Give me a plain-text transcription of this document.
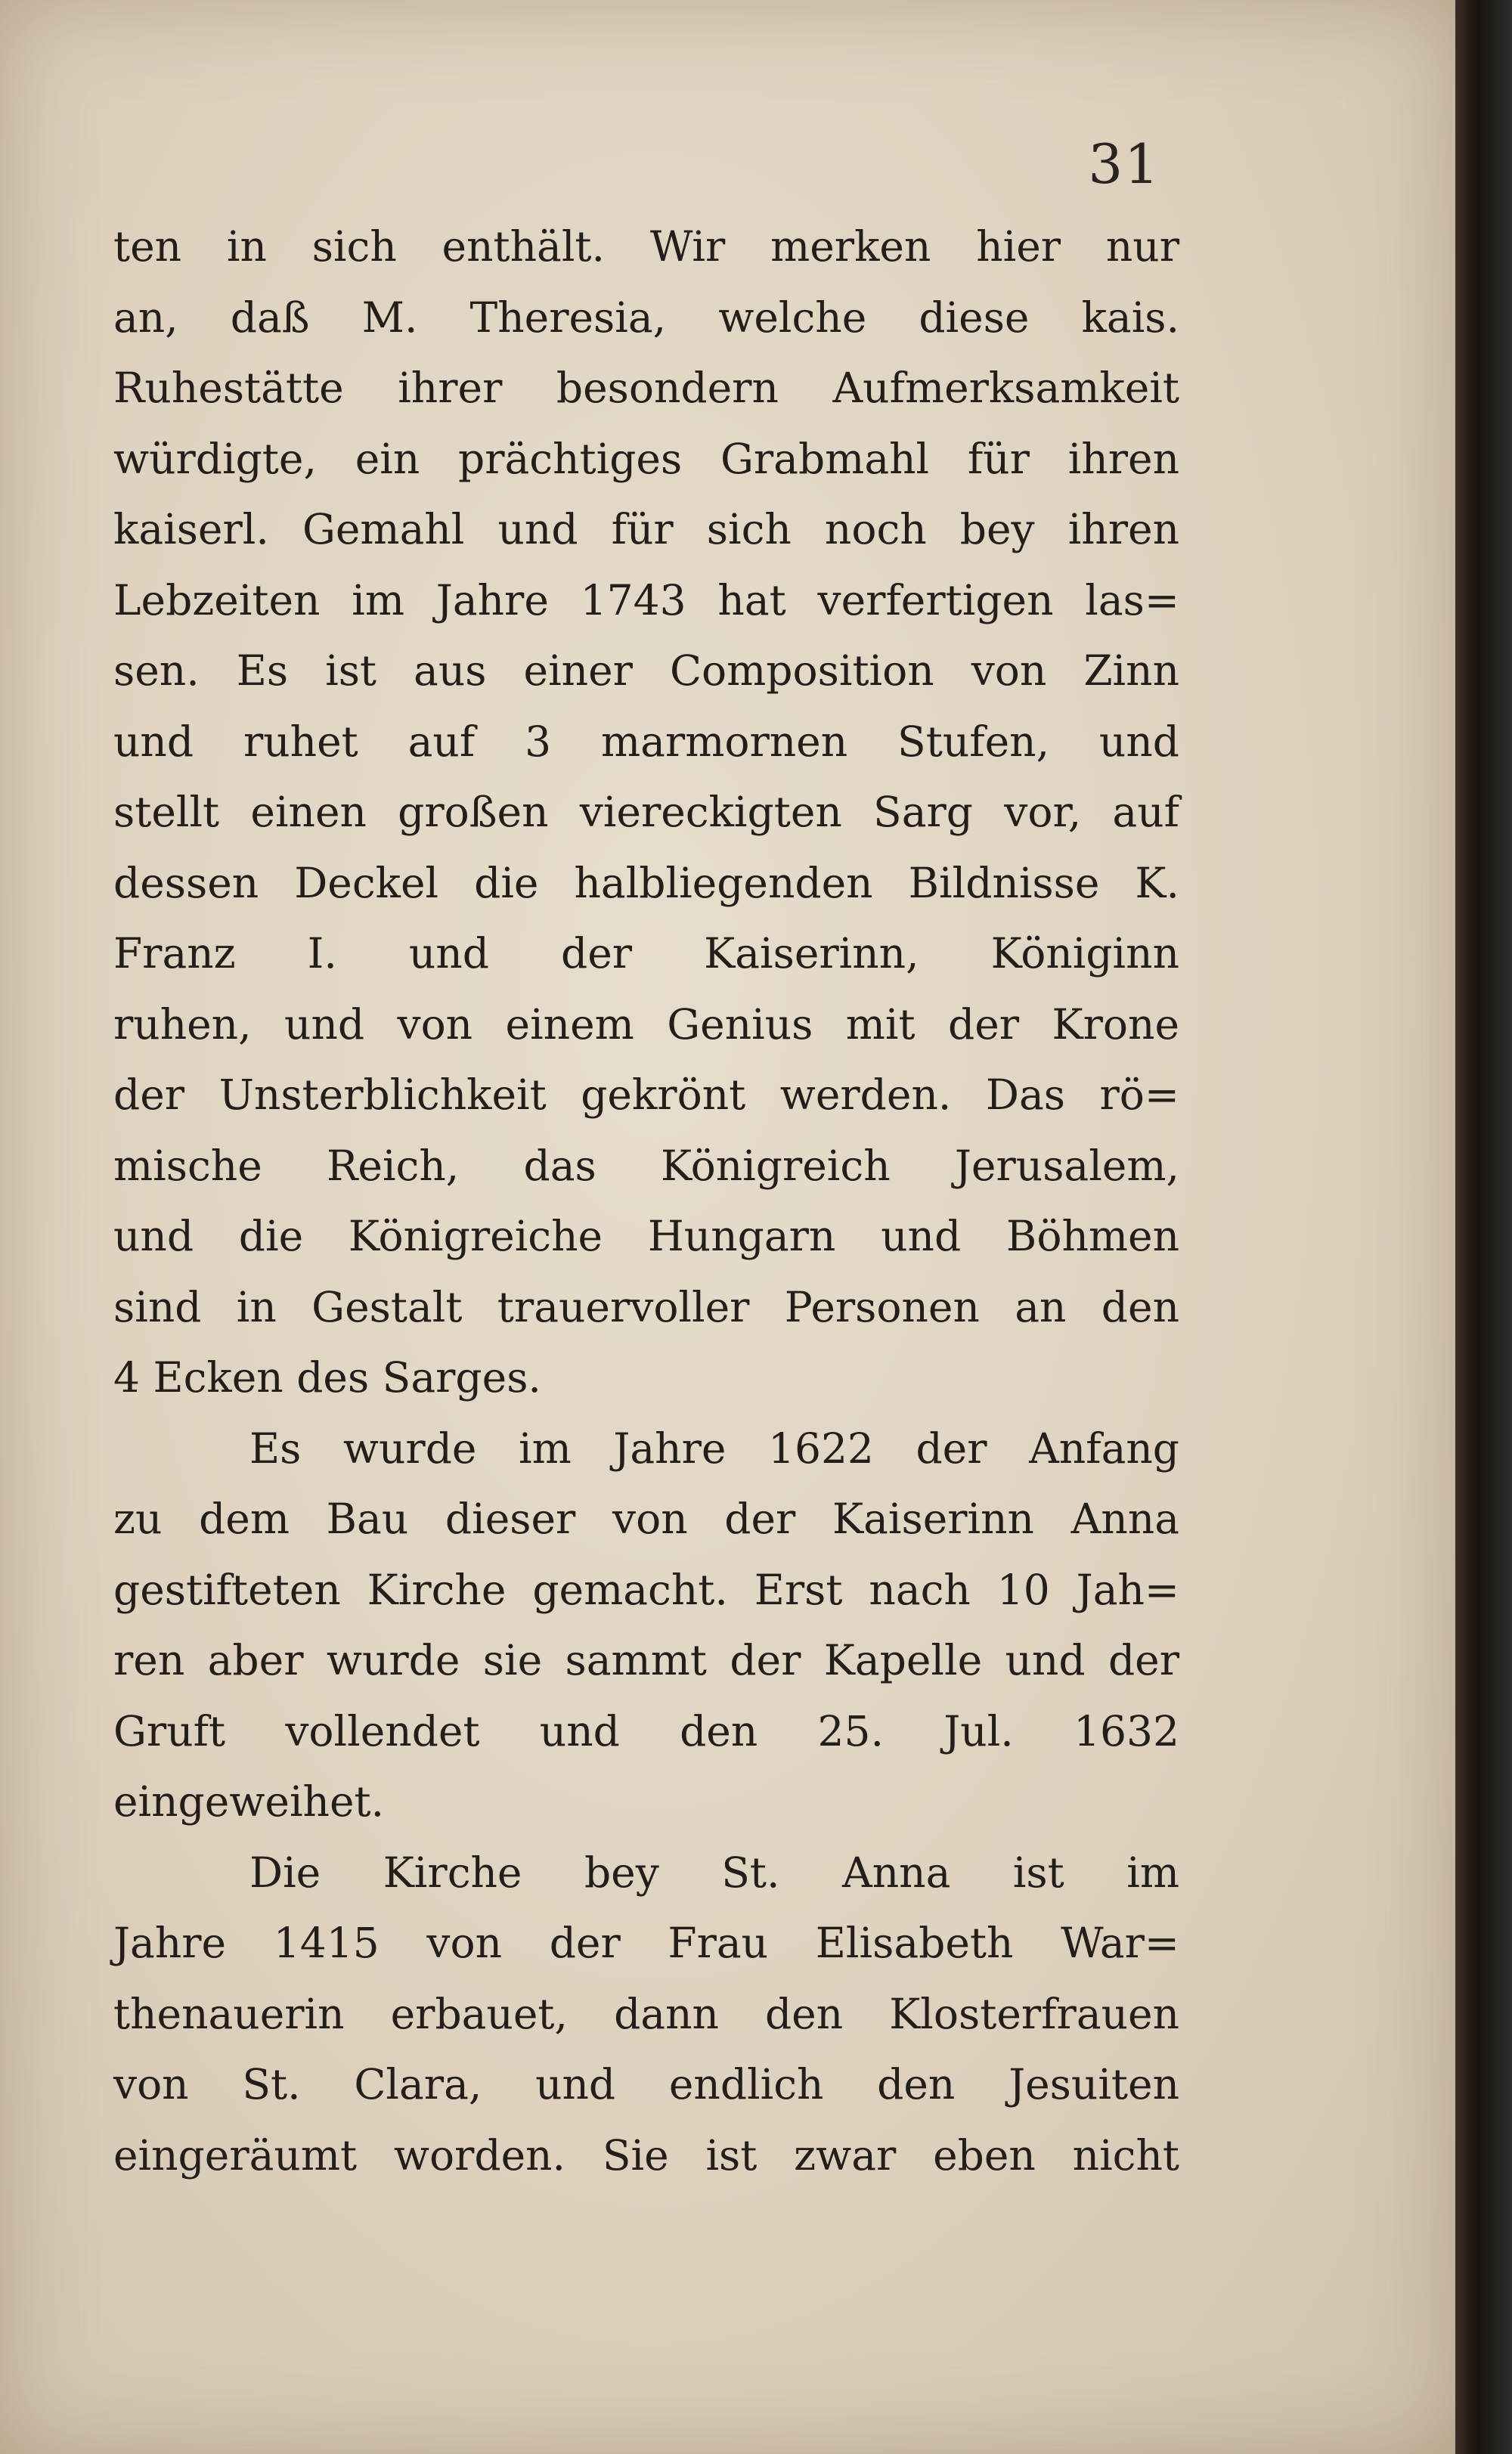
31
ten in sich enthält. Wir merken hier nur
an, daß M. Theresia, welche diese kais.
Ruhestätte ihrer besondern Aufmerksamkeit
würdigte, ein prächtiges Grabmahl für ihren
kaiserl. Gemahl und für sich noch bey ihren
Lebzeiten im Jahre 1743 hat verfertigen las=
sen. Es ist aus einer Composition von Zinn
und ruhet auf 3 marmornen Stufen, und
stellt einen großen viereckigten Sarg vor, auf
dessen Deckel die halbliegenden Bildnisse K.
Franz I. und der Kaiserinn, Königinn
ruhen, und von einem Genius mit der Krone
der Unsterblichkeit gekrönt werden. Das rö=
mische Reich, das Königreich Jerusalem,
und die Königreiche Hungarn und Böhmen
sind in Gestalt trauervoller Personen an den
4 Ecken des Sarges.
Es wurde im Jahre 1622 der Anfang
zu dem Bau dieser von der Kaiserinn Anna
gestifteten Kirche gemacht. Erst nach 10 Jah=
ren aber wurde sie sammt der Kapelle und der
Gruft vollendet und den 25. Jul. 1632
eingeweihet.
Die Kirche bey St. Anna ist im
Jahre 1415 von der Frau Elisabeth War=
thenauerin erbauet, dann den Klosterfrauen
von St. Clara, und endlich den Jesuiten
eingeräumt worden. Sie ist zwar eben nicht
